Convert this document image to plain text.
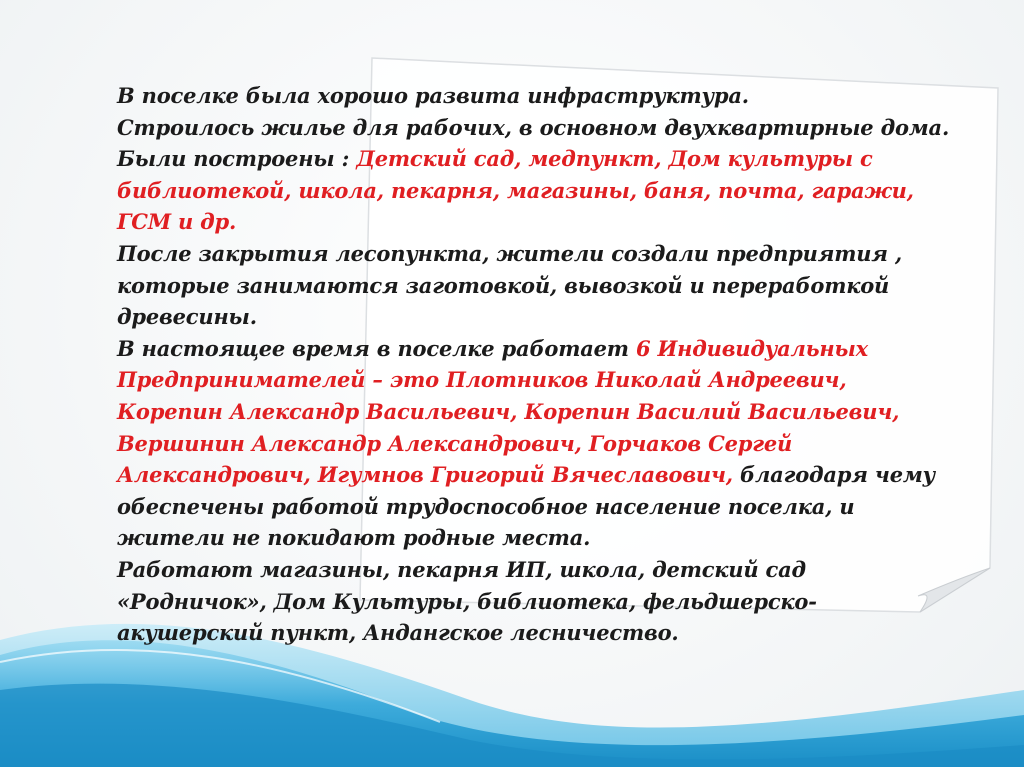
В поселке была хорошо развита инфраструктура.

Строилось жилье для рабочих, в основном двухквартирные дома.

Были построены : Детский сад, медпункт, Дом культуры с библиотекой, школа, пекарня, магазины, баня, почта, гаражи, ГСМ и др.

После закрытия лесопункта, жители создали предприятия , которые занимаются заготовкой, вывозкой и переработкой древесины.

В настоящее время в поселке работает 6 Индивидуальных Предпринимателей – это Плотников Николай Андреевич, Корепин Александр Васильевич, Корепин Василий Васильевич, Вершинин Александр Александрович, Горчаков Сергей Александрович, Игумнов Григорий Вячеславович, благодаря чему обеспечены работой трудоспособное население поселка, и жители не покидают родные места.

Работают магазины, пекарня ИП, школа, детский сад «Родничок», Дом Культуры, библиотека, фельдшерско-акушерский пункт, Андангское лесничество.
